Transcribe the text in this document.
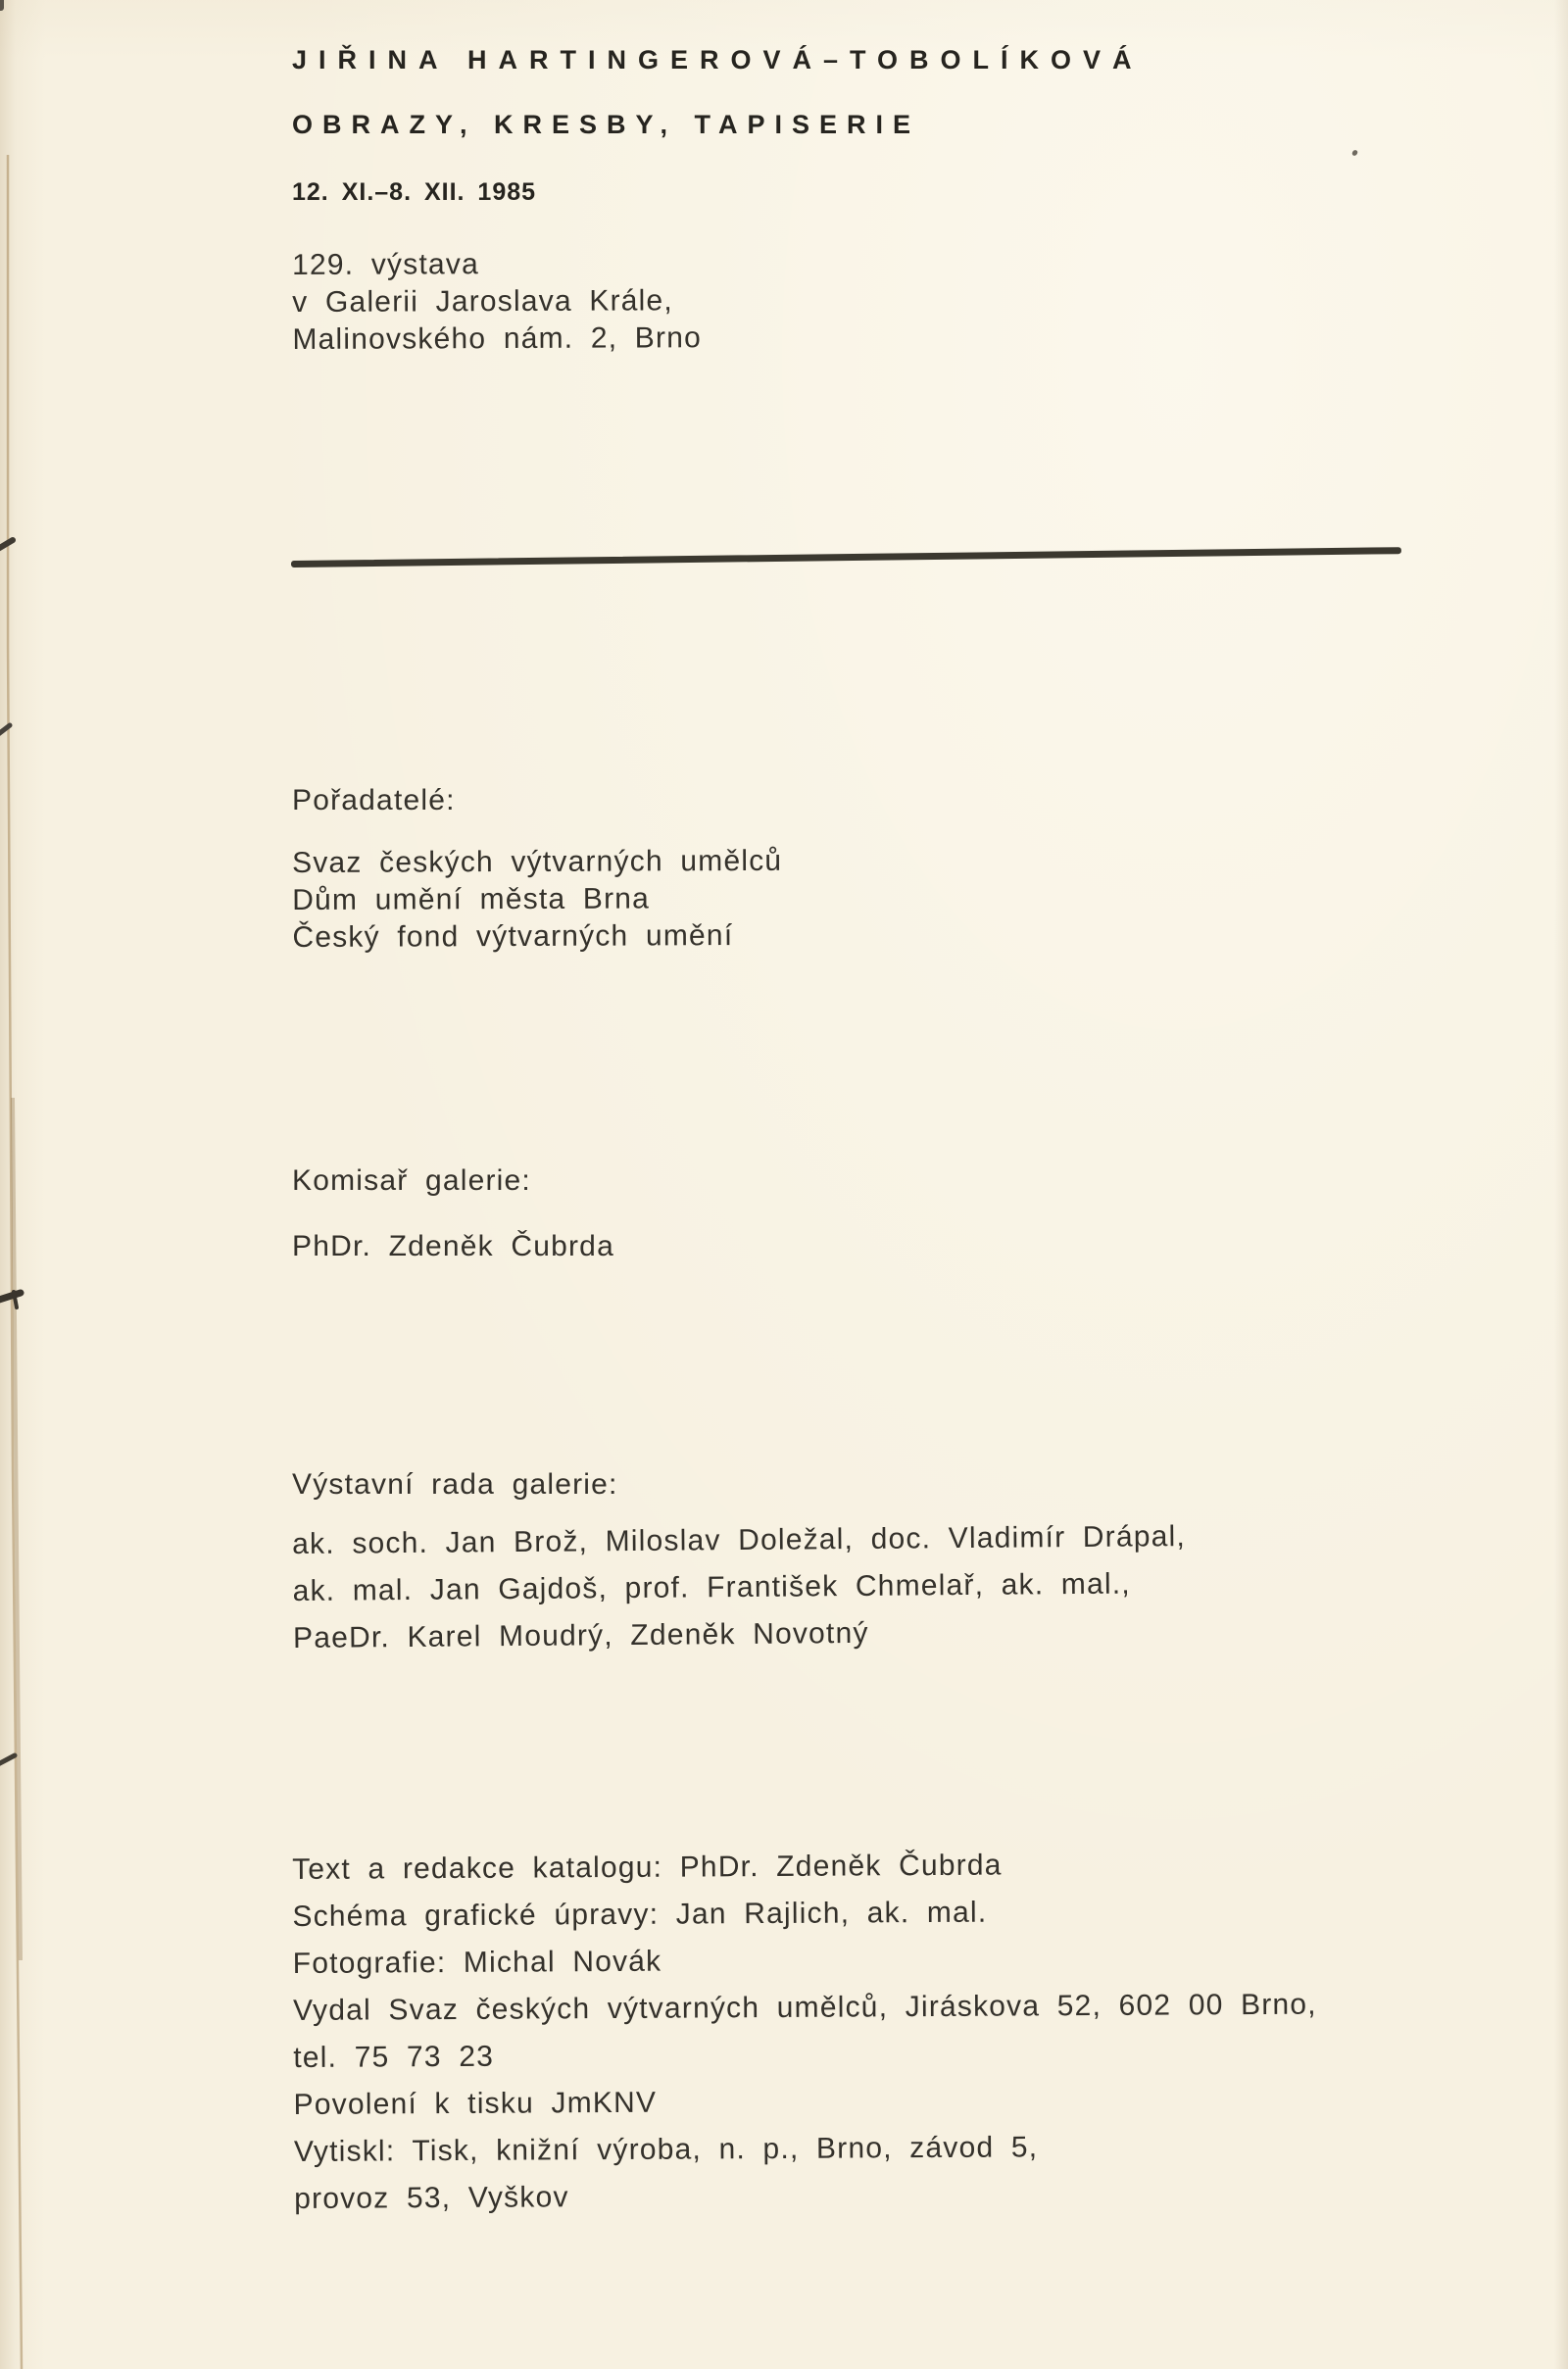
JIŘINA HARTINGEROVÁ–TOBOLÍKOVÁ
OBRAZY, KRESBY, TAPISERIE
12. XI.–8. XII. 1985
129. výstava
v Galerii Jaroslava Krále,
Malinovského nám. 2, Brno
Pořadatelé:
Svaz českých výtvarných umělců
Dům umění města Brna
Český fond výtvarných umění
Komisař galerie:
PhDr. Zdeněk Čubrda
Výstavní rada galerie:
ak. soch. Jan Brož, Miloslav Doležal, doc. Vladimír Drápal,
ak. mal. Jan Gajdoš, prof. František Chmelař, ak. mal.,
PaeDr. Karel Moudrý, Zdeněk Novotný
Text a redakce katalogu: PhDr. Zdeněk Čubrda
Schéma grafické úpravy: Jan Rajlich, ak. mal.
Fotografie: Michal Novák
Vydal Svaz českých výtvarných umělců, Jiráskova 52, 602 00 Brno,
tel. 75 73 23
Povolení k tisku JmKNV
Vytiskl: Tisk, knižní výroba, n. p., Brno, závod 5,
provoz 53, Vyškov
